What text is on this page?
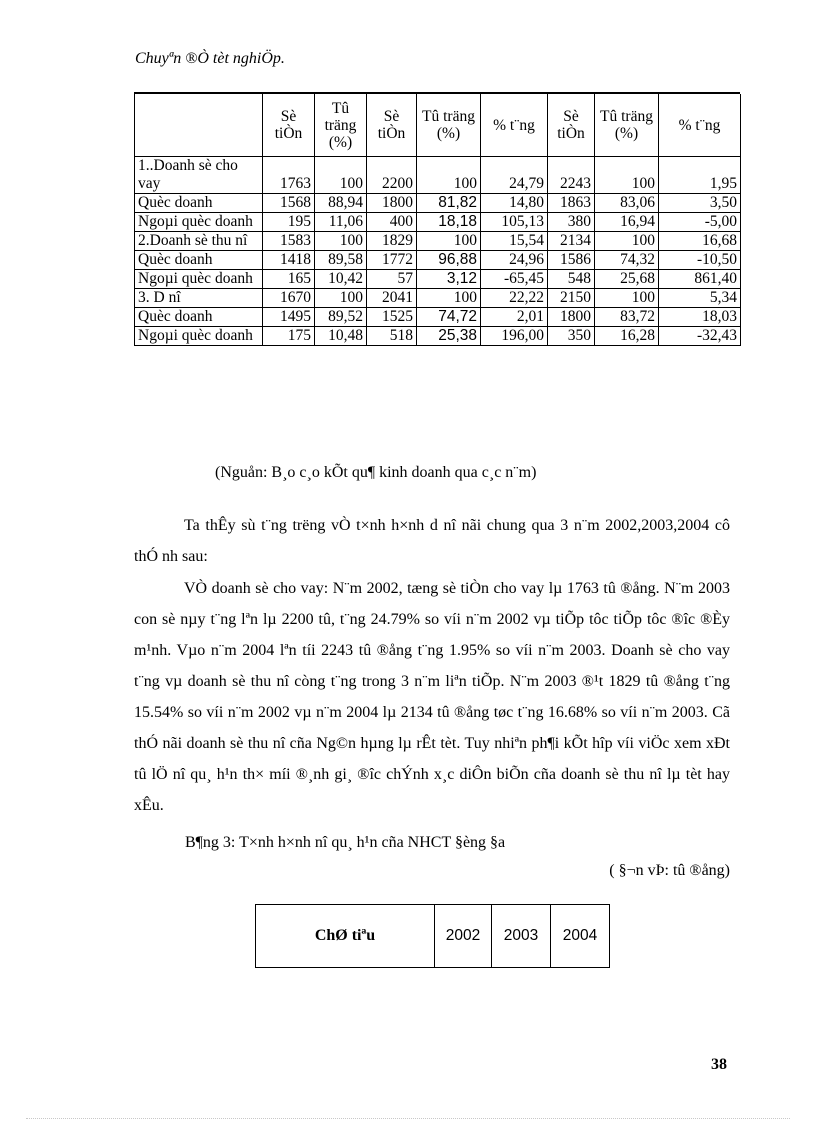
Chuyªn ®Ò tèt nghiÖp.
	Sè tiÒn	Tû träng (%)	Sè tiÒn	Tû träng (%)	% t¨ng	Sè tiÒn	Tû träng (%)	% t¨ng
1..Doanh sè cho vay	1763	100	2200	100	24,79	2243	100	1,95
Quèc doanh	1568	88,94	1800	81,82	14,80	1863	83,06	3,50
Ngoµi quèc doanh	195	11,06	400	18,18	105,13	380	16,94	-5,00
2.Doanh sè thu nî	1583	100	1829	100	15,54	2134	100	16,68
Quèc doanh	1418	89,58	1772	96,88	24,96	1586	74,32	-10,50
Ngoµi quèc doanh	165	10,42	57	3,12	-65,45	548	25,68	861,40
3. D nî	1670	100	2041	100	22,22	2150	100	5,34
Quèc doanh	1495	89,52	1525	74,72	2,01	1800	83,72	18,03
Ngoµi quèc doanh	175	10,48	518	25,38	196,00	350	16,28	-32,43
(Nguån: B¸o c¸o kÕt qu¶ kinh doanh qua c¸c n¨m)

Ta thÊy sù t¨ng trëng vÒ t×nh h×nh d nî nãi chung qua 3 n¨m 2002,2003,2004 cô thÓ nh sau:

VÒ doanh sè cho vay: N¨m 2002, tæng sè tiÒn cho vay lµ 1763 tû ®ång. N¨m 2003 con sè nµy t¨ng lªn lµ 2200 tû, t¨ng 24.79% so víi n¨m 2002 vµ tiÕp tôc tiÕp tôc ®îc ®Èy m¹nh. Vµo n¨m 2004 lªn tíi 2243 tû ®ång t¨ng 1.95% so víi n¨m 2003. Doanh sè cho vay t¨ng vµ doanh sè thu nî còng t¨ng trong 3 n¨m liªn tiÕp. N¨m 2003 ®¹t 1829 tû ®ång t¨ng 15.54% so víi n¨m 2002 vµ n¨m 2004 lµ 2134 tû ®ång tøc t¨ng 16.68% so víi n¨m 2003. Cã thÓ nãi doanh sè thu nî cña Ng©n hµng lµ rÊt tèt. Tuy nhiªn ph¶i kÕt hîp víi viÖc xem xÐt tû lÖ nî qu¸ h¹n th× míi ®¸nh gi¸ ®îc chÝnh x¸c diÔn biÕn cña doanh sè thu nî lµ tèt hay xÊu.

B¶ng 3: T×nh h×nh nî qu¸ h¹n cña NHCT §èng §a
( §¬n vÞ: tû ®ång)
ChØ tiªu	2002	2003	2004
38
